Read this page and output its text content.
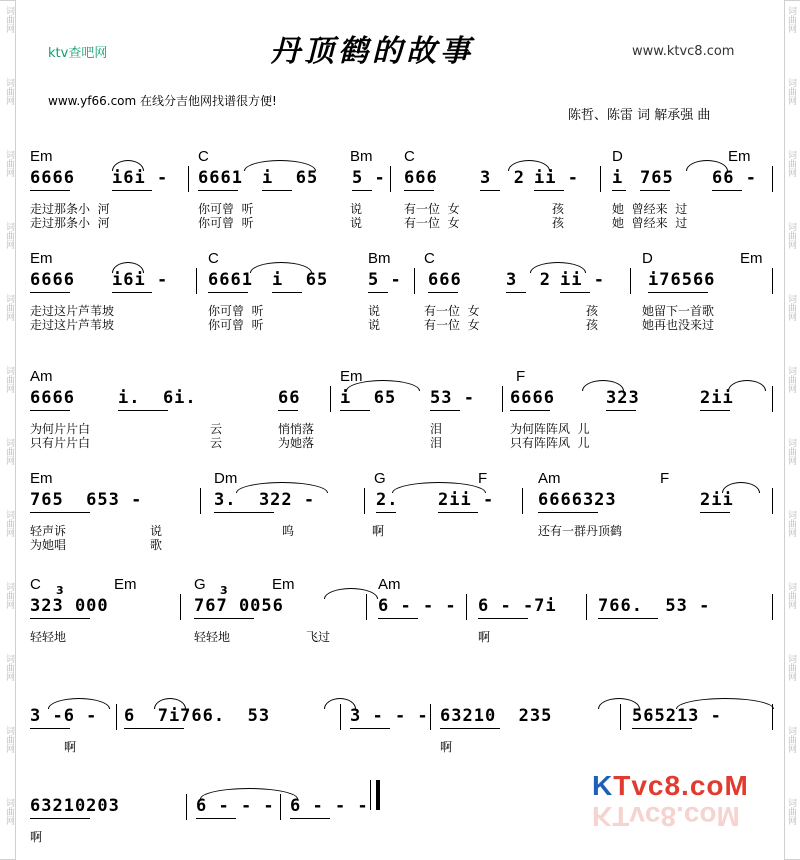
词曲网	词曲网
词曲网	词曲网
词曲网	词曲网
词曲网	词曲网
词曲网	词曲网
词曲网	词曲网
词曲网	词曲网
词曲网	词曲网
词曲网	词曲网
词曲网	词曲网
词曲网	词曲网
词曲网	词曲网
ktv查吧网	丹顶鹤的故事	www.ktvc8.com
www.yf66.com 在线分吉他网找谱很方便!
陈哲、陈雷 词 解承强 曲
Em	C	Bm C	D	Em
6666 i6i - 6661 i  65 5 - 666 3  2 ii - i 765 66 -
走过那条小  河	你可曾  听	说	有一位  女	孩	她  曾经来  过
走过那条小  河	你可曾  听	说	有一位  女	孩	她  曾经来  过
Em	C	Bm C	D	Em
6666 i6i - 6661 i  65 5 - 666	3  2 ii -	i76566
走过这片芦苇坡	你可曾  听	说	有一位  女	孩	她留下一首歌
走过这片芦苇坡	你可曾  听	说	有一位  女	孩	她再也没来过
Am	Em	F
6666	i.  6i.	66 i  65 53 - 6666	323	2ii
为何片片白	云	悄悄落	泪	为何阵阵风  儿
只有片片白	云	为她落	泪	只有阵阵风  儿
Em	Dm	G	F	Am	F
765  653 -	3.  322 -	2. 2ii -	6666323	2ii
轻声诉	说	呜	啊	还有一群丹顶鹤
为她唱	歌
C	Em	G	Em	Am
323 000	767 0056	6 - - - 6 - -7i 766.  53 -
轻轻地	轻轻地	飞过	啊
3 -6 - 6  7i766.  53	3 - - - 63210  235	565213 -
啊	啊
63210203	6 - - - 6 - - -
啊
3	3
KTvc8.coM
KTvc8.coM
